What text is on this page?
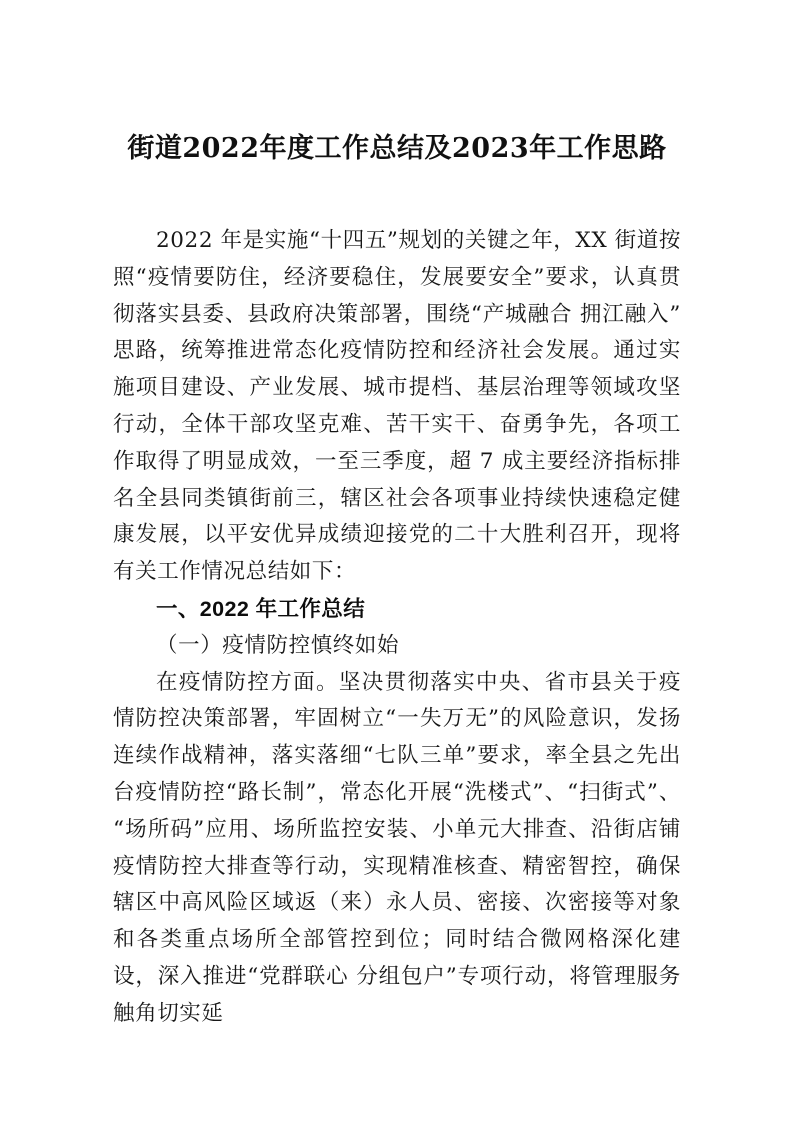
街道2022年度工作总结及2023年工作思路

2022 年是实施“十四五”规划的关键之年，XX 街道按照“疫情要防住，经济要稳住，发展要安全”要求，认真贯彻落实县委、县政府决策部署，围绕“产城融合 拥江融入”思路，统筹推进常态化疫情防控和经济社会发展。通过实施项目建设、产业发展、城市提档、基层治理等领域攻坚行动，全体干部攻坚克难、苦干实干、奋勇争先，各项工作取得了明显成效，一至三季度，超 7 成主要经济指标排名全县同类镇街前三，辖区社会各项事业持续快速稳定健康发展，以平安优异成绩迎接党的二十大胜利召开，现将有关工作情况总结如下：

一、2022 年工作总结
（一）疫情防控慎终如始

在疫情防控方面。坚决贯彻落实中央、省市县关于疫情防控决策部署，牢固树立“一失万无”的风险意识，发扬连续作战精神，落实落细“七队三单”要求，率全县之先出台疫情防控“路长制”，常态化开展“洗楼式”、“扫街式”、“场所码”应用、场所监控安装、小单元大排查、沿街店铺疫情防控大排查等行动，实现精准核查、精密智控，确保辖区中高风险区域返（来）永人员、密接、次密接等对象和各类重点场所全部管控到位；同时结合微网格深化建设，深入推进“党群联心 分组包户”专项行动，将管理服务触角切实延
